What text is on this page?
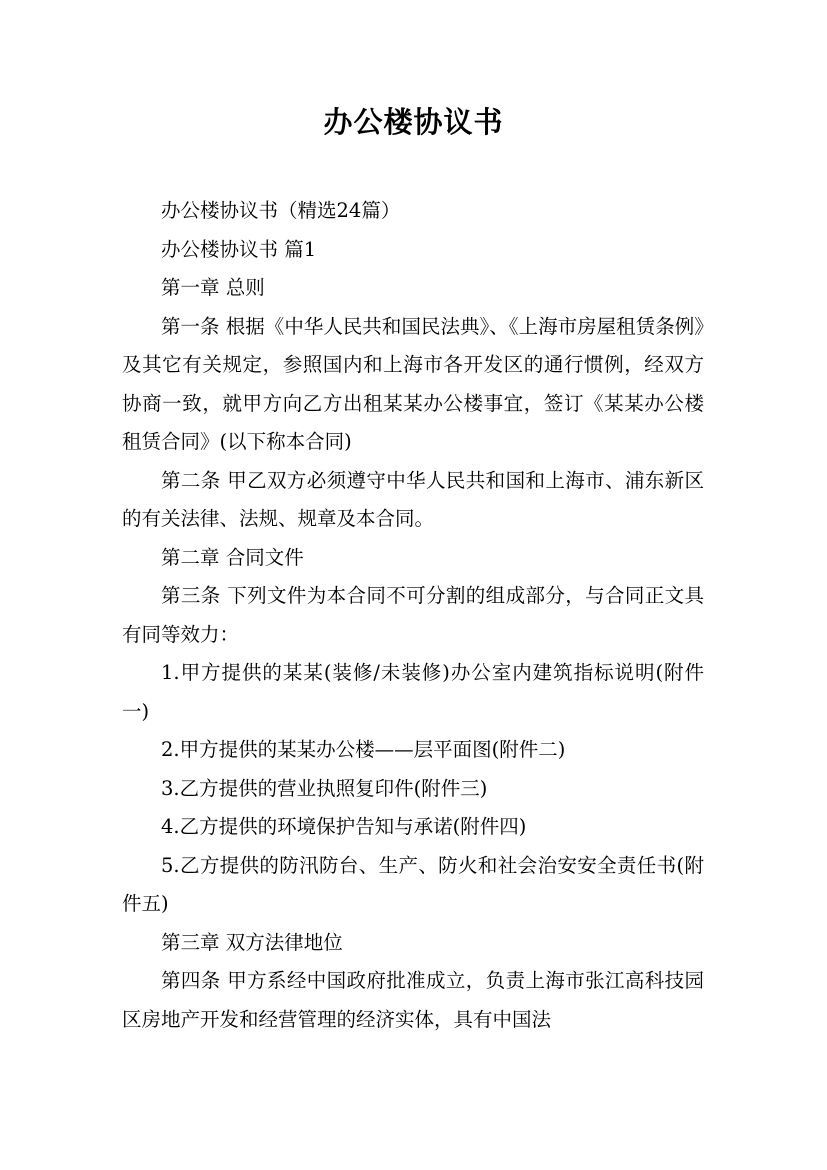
办公楼协议书

办公楼协议书（精选24篇）

办公楼协议书 篇1

第一章 总则

第一条 根据《中华人民共和国民法典》、《上海市房屋租赁条例》及其它有关规定，参照国内和上海市各开发区的通行惯例，经双方协商一致，就甲方向乙方出租某某办公楼事宜，签订《某某办公楼租赁合同》(以下称本合同)

第二条 甲乙双方必须遵守中华人民共和国和上海市、浦东新区的有关法律、法规、规章及本合同。

第二章 合同文件

第三条 下列文件为本合同不可分割的组成部分，与合同正文具有同等效力：

1.甲方提供的某某(装修/未装修)办公室内建筑指标说明(附件一)

2.甲方提供的某某办公楼——层平面图(附件二)

3.乙方提供的营业执照复印件(附件三)

4.乙方提供的环境保护告知与承诺(附件四)

5.乙方提供的防汛防台、生产、防火和社会治安安全责任书(附件五)

第三章 双方法律地位

第四条 甲方系经中国政府批准成立，负责上海市张江高科技园区房地产开发和经营管理的经济实体，具有中国法
